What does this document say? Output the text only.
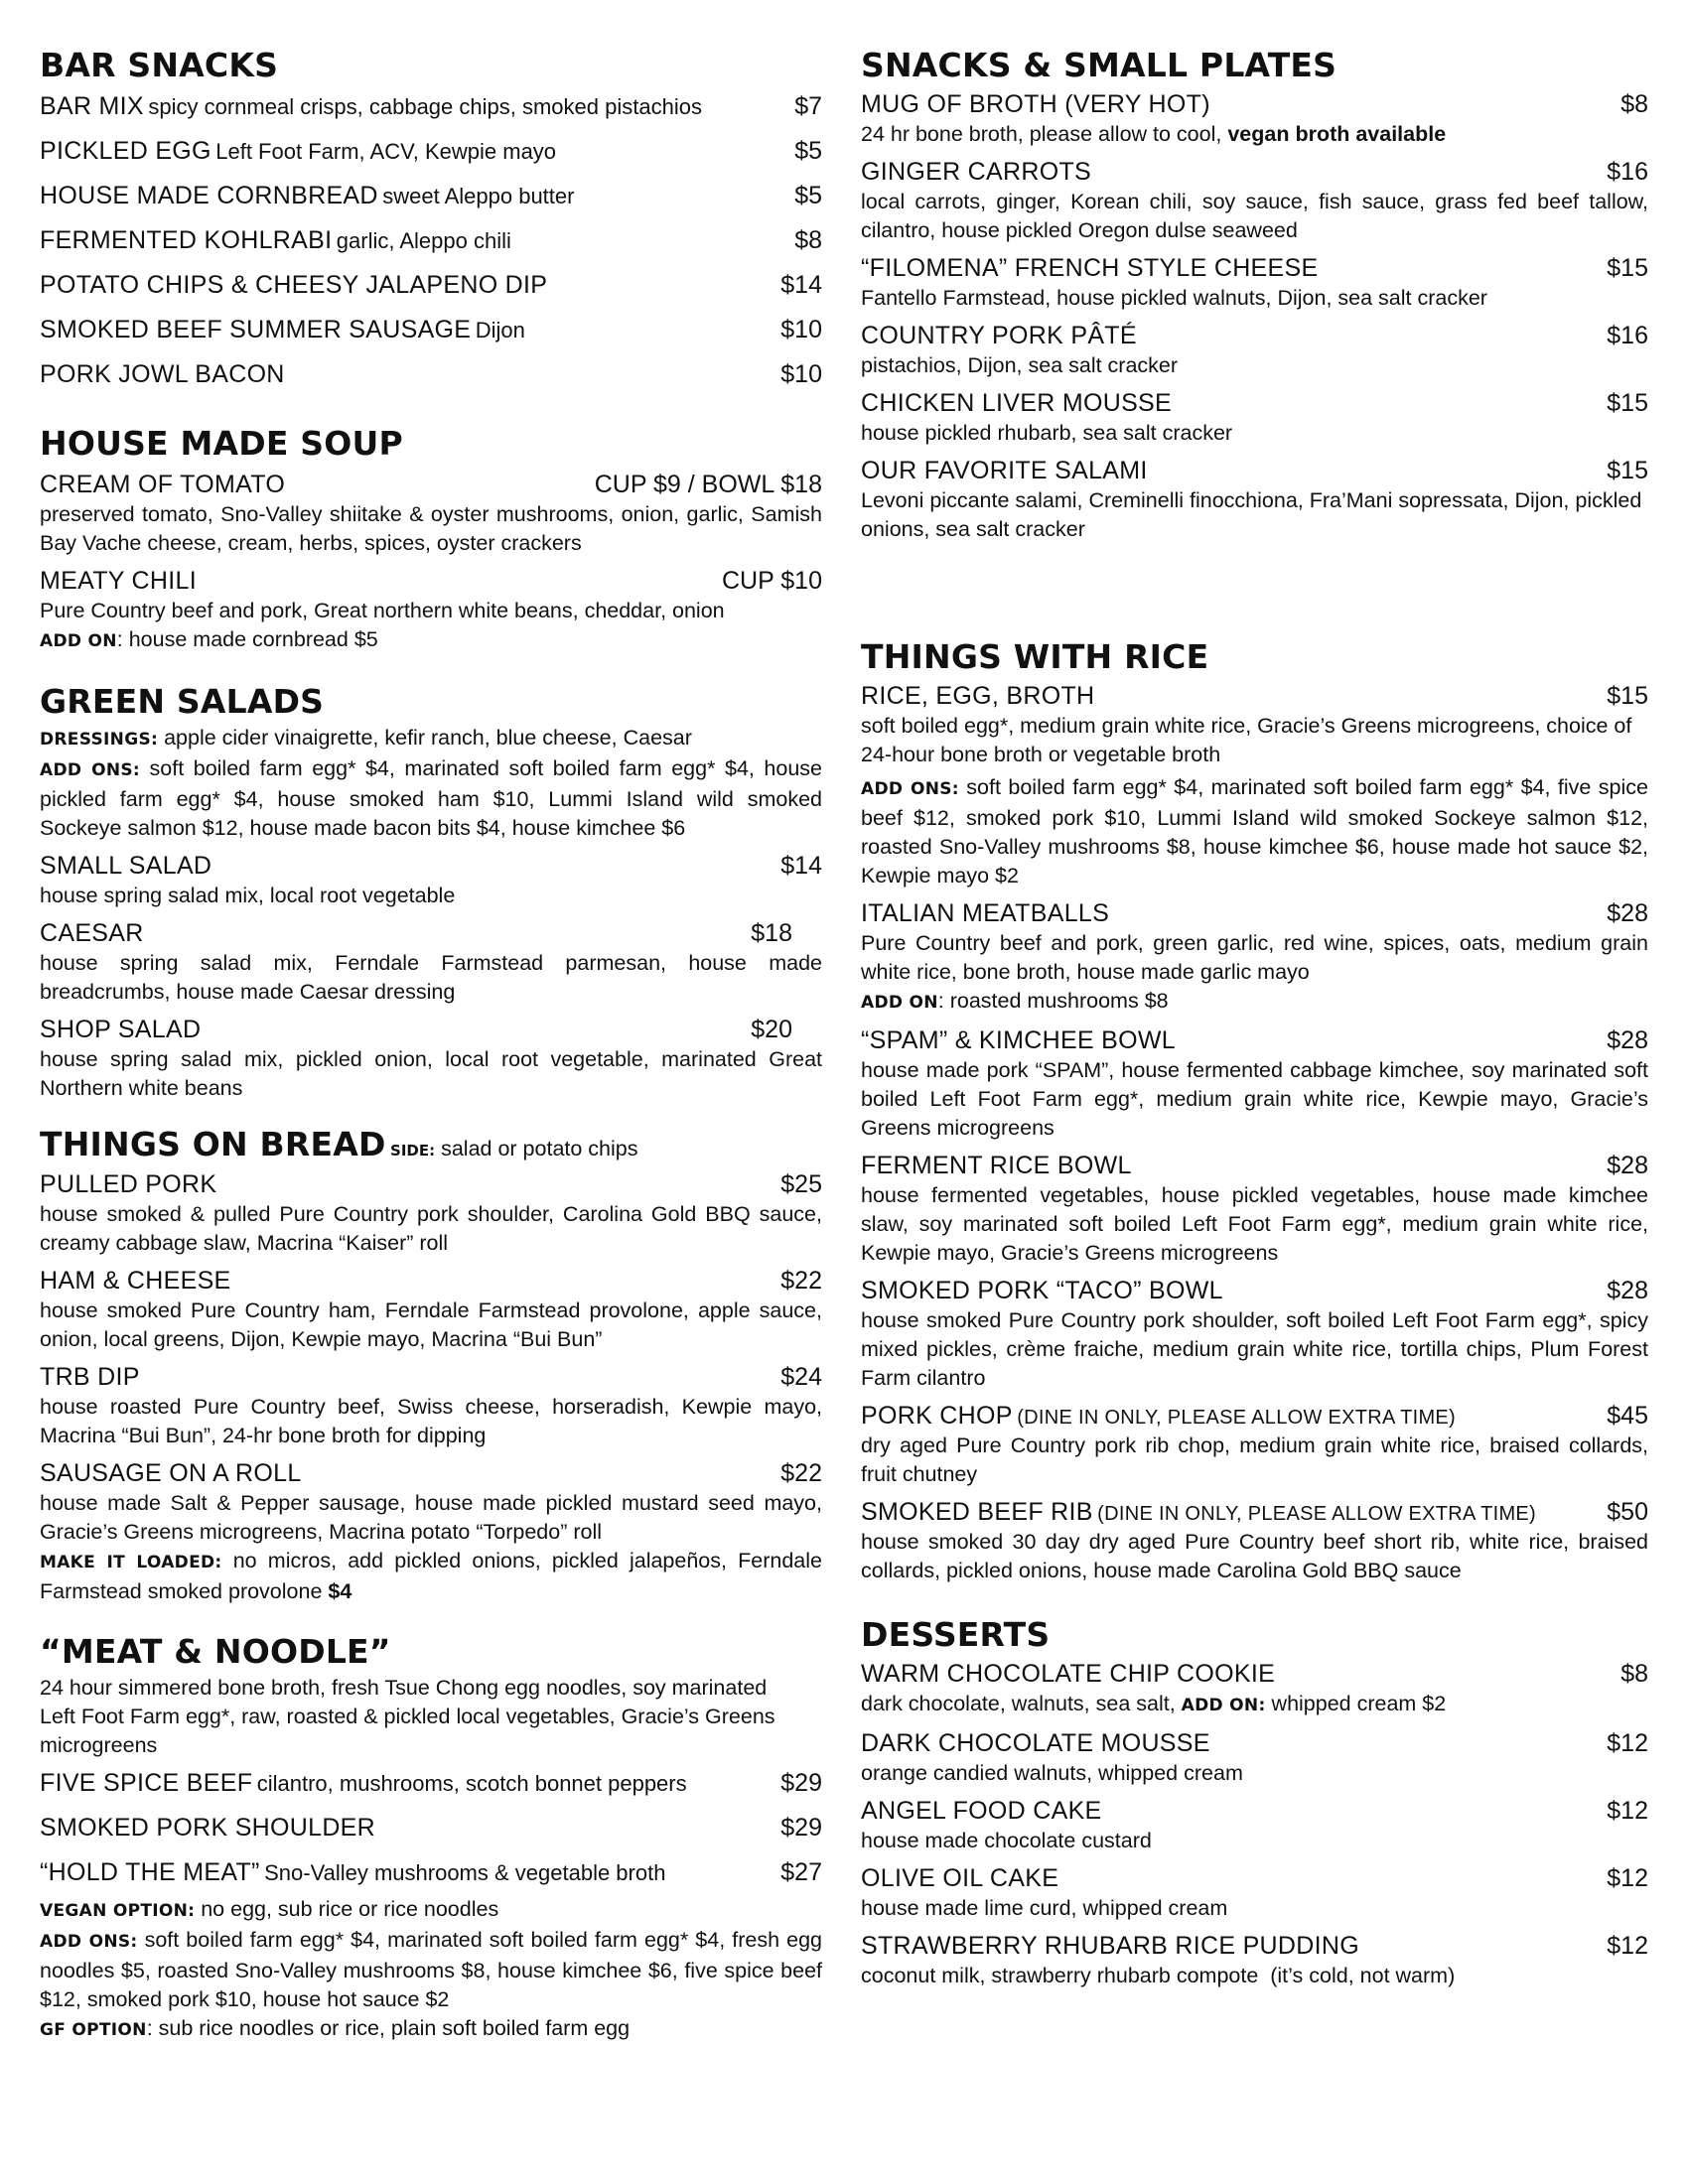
BAR SNACKS
BAR MIX spicy cornmeal crisps, cabbage chips, smoked pistachios	$7
PICKLED EGG Left Foot Farm, ACV, Kewpie mayo	$5
HOUSE MADE CORNBREAD sweet Aleppo butter	$5
FERMENTED KOHLRABI garlic, Aleppo chili	$8
POTATO CHIPS & CHEESY JALAPENO DIP	$14
SMOKED BEEF SUMMER SAUSAGE Dijon	$10
PORK JOWL BACON	$10
HOUSE MADE SOUP
CREAM OF TOMATO	CUP $9 / BOWL $18
preserved tomato, Sno-Valley shiitake & oyster mushrooms, onion, garlic, Samish Bay Vache cheese, cream, herbs, spices, oyster crackers
MEATY CHILI	CUP $10
Pure Country beef and pork, Great northern white beans, cheddar, onion
ADD ON: house made cornbread $5
GREEN SALADS
DRESSINGS: apple cider vinaigrette, kefir ranch, blue cheese, Caesar
ADD ONS: soft boiled farm egg* $4, marinated soft boiled farm egg* $4, house pickled farm egg* $4, house smoked ham $10, Lummi Island wild smoked Sockeye salmon $12, house made bacon bits $4, house kimchee $6
SMALL SALAD	$14
house spring salad mix, local root vegetable
CAESAR	$18
house spring salad mix, Ferndale Farmstead parmesan, house made breadcrumbs, house made Caesar dressing
SHOP SALAD	$20
house spring salad mix, pickled onion, local root vegetable, marinated Great Northern white beans
THINGS ON BREAD SIDE: salad or potato chips
PULLED PORK	$25
house smoked & pulled Pure Country pork shoulder, Carolina Gold BBQ sauce, creamy cabbage slaw, Macrina “Kaiser” roll
HAM & CHEESE	$22
house smoked Pure Country ham, Ferndale Farmstead provolone, apple sauce, onion, local greens, Dijon, Kewpie mayo, Macrina “Bui Bun”
TRB DIP	$24
house roasted Pure Country beef, Swiss cheese, horseradish, Kewpie mayo, Macrina “Bui Bun”, 24-hr bone broth for dipping
SAUSAGE ON A ROLL	$22
house made Salt & Pepper sausage, house made pickled mustard seed mayo, Gracie’s Greens microgreens, Macrina potato “Torpedo” roll
MAKE IT LOADED: no micros, add pickled onions, pickled jalapeños, Ferndale Farmstead smoked provolone $4
“MEAT & NOODLE”
24 hour simmered bone broth, fresh Tsue Chong egg noodles, soy marinated Left Foot Farm egg*, raw, roasted & pickled local vegetables, Gracie’s Greens microgreens
FIVE SPICE BEEF cilantro, mushrooms, scotch bonnet peppers	$29
SMOKED PORK SHOULDER	$29
“HOLD THE MEAT” Sno-Valley mushrooms & vegetable broth	$27
VEGAN OPTION: no egg, sub rice or rice noodles
ADD ONS: soft boiled farm egg* $4, marinated soft boiled farm egg* $4, fresh egg noodles $5, roasted Sno-Valley mushrooms $8, house kimchee $6, five spice beef $12, smoked pork $10, house hot sauce $2
GF OPTION: sub rice noodles or rice, plain soft boiled farm egg
SNACKS & SMALL PLATES
MUG OF BROTH (VERY HOT)	$8
24 hr bone broth, please allow to cool, vegan broth available
GINGER CARROTS	$16
local carrots, ginger, Korean chili, soy sauce, fish sauce, grass fed beef tallow, cilantro, house pickled Oregon dulse seaweed
“FILOMENA” FRENCH STYLE CHEESE	$15
Fantello Farmstead, house pickled walnuts, Dijon, sea salt cracker
COUNTRY PORK PÂTÉ	$16
pistachios, Dijon, sea salt cracker
CHICKEN LIVER MOUSSE	$15
house pickled rhubarb, sea salt cracker
OUR FAVORITE SALAMI	$15
Levoni piccante salami, Creminelli finocchiona, Fra’Mani sopressata, Dijon, pickled onions, sea salt cracker
THINGS WITH RICE
RICE, EGG, BROTH	$15
soft boiled egg*, medium grain white rice, Gracie’s Greens microgreens, choice of 24-hour bone broth or vegetable broth
ADD ONS: soft boiled farm egg* $4, marinated soft boiled farm egg* $4, five spice beef $12, smoked pork $10, Lummi Island wild smoked Sockeye salmon $12, roasted Sno-Valley mushrooms $8, house kimchee $6, house made hot sauce $2, Kewpie mayo $2
ITALIAN MEATBALLS	$28
Pure Country beef and pork, green garlic, red wine, spices, oats, medium grain white rice, bone broth, house made garlic mayo
ADD ON: roasted mushrooms $8
“SPAM” & KIMCHEE BOWL	$28
house made pork “SPAM”, house fermented cabbage kimchee, soy marinated soft boiled Left Foot Farm egg*, medium grain white rice, Kewpie mayo, Gracie’s Greens microgreens
FERMENT RICE BOWL	$28
house fermented vegetables, house pickled vegetables, house made kimchee slaw, soy marinated soft boiled Left Foot Farm egg*, medium grain white rice, Kewpie mayo, Gracie’s Greens microgreens
SMOKED PORK “TACO” BOWL	$28
house smoked Pure Country pork shoulder, soft boiled Left Foot Farm egg*, spicy mixed pickles, crème fraiche, medium grain white rice, tortilla chips, Plum Forest Farm cilantro
PORK CHOP (DINE IN ONLY, PLEASE ALLOW EXTRA TIME)	$45
dry aged Pure Country pork rib chop, medium grain white rice, braised collards, fruit chutney
SMOKED BEEF RIB (DINE IN ONLY, PLEASE ALLOW EXTRA TIME)	$50
house smoked 30 day dry aged Pure Country beef short rib, white rice, braised collards, pickled onions, house made Carolina Gold BBQ sauce
DESSERTS
WARM CHOCOLATE CHIP COOKIE	$8
dark chocolate, walnuts, sea salt, ADD ON: whipped cream $2
DARK CHOCOLATE MOUSSE	$12
orange candied walnuts, whipped cream
ANGEL FOOD CAKE	$12
house made chocolate custard
OLIVE OIL CAKE	$12
house made lime curd, whipped cream
STRAWBERRY RHUBARB RICE PUDDING	$12
coconut milk, strawberry rhubarb compote  (it’s cold, not warm)
